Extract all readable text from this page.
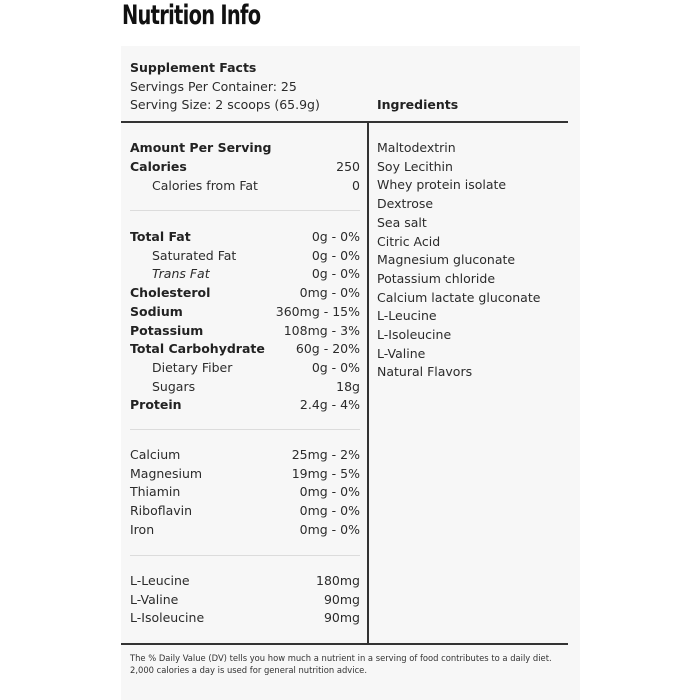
Nutrition Info
Supplement Facts
Servings Per Container: 25
Serving Size: 2 scoops (65.9g)	Ingredients
Amount Per Serving
Calories	250
Calories from Fat	0
Total Fat	0g - 0%
Saturated Fat	0g - 0%
Trans Fat	0g - 0%
Cholesterol	0mg - 0%
Sodium	360mg - 15%
Potassium	108mg - 3%
Total Carbohydrate 60g - 20%
Dietary Fiber	0g - 0%
Sugars	18g
Protein	2.4g - 4%
Calcium	25mg - 2%
Magnesium	19mg - 5%
Thiamin	0mg - 0%
Riboflavin	0mg - 0%
Iron	0mg - 0%
L-Leucine	180mg
L-Valine	90mg
L-Isoleucine	90mg
Maltodextrin
Soy Lecithin
Whey protein isolate
Dextrose
Sea salt
Citric Acid
Magnesium gluconate
Potassium chloride
Calcium lactate gluconate
L-Leucine
L-Isoleucine
L-Valine
Natural Flavors
The % Daily Value (DV) tells you how much a nutrient in a serving of food contributes to a daily diet.
2,000 calories a day is used for general nutrition advice.
